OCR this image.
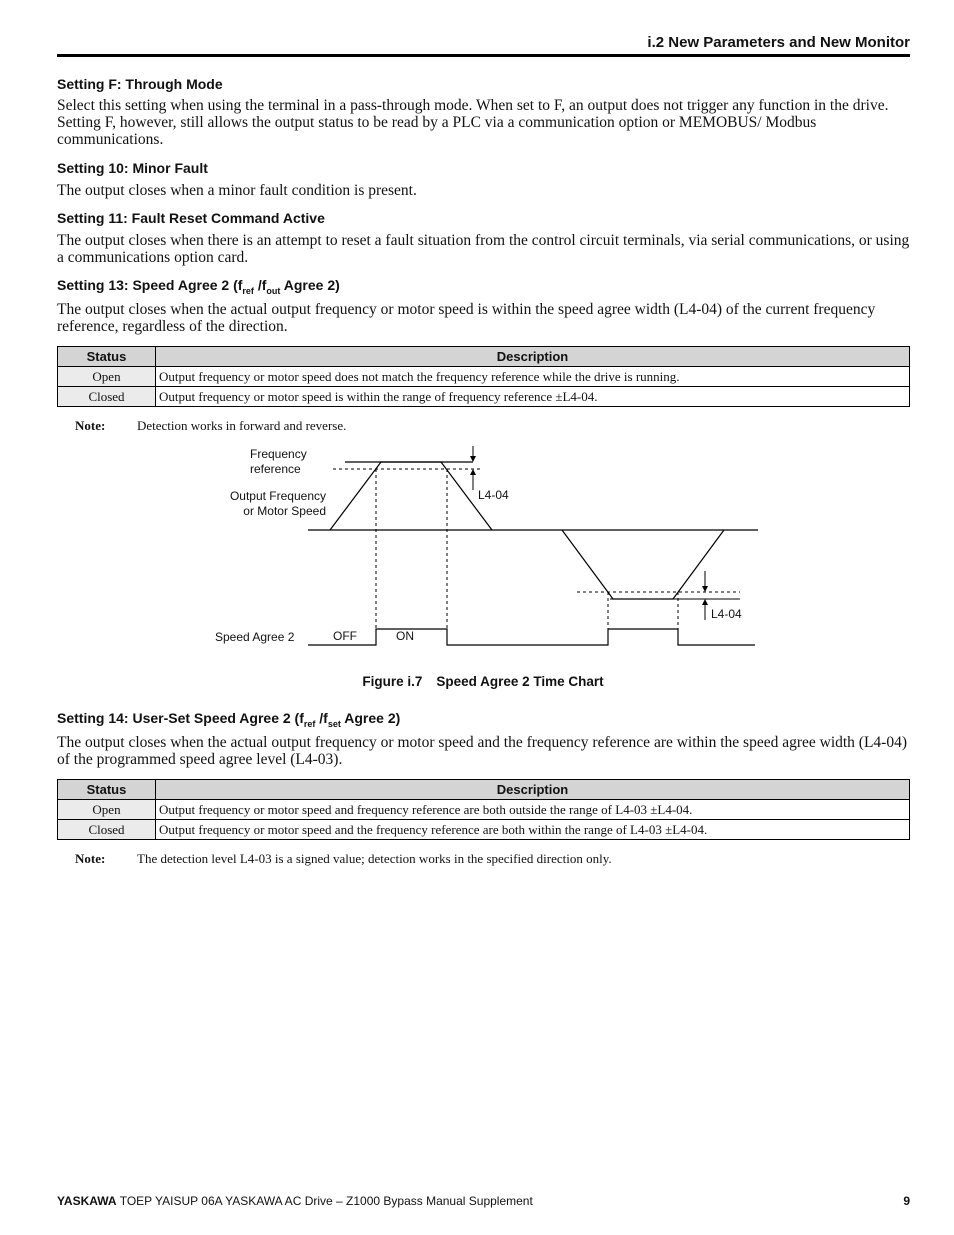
i.2 New Parameters and New Monitor
Setting F: Through Mode

Select this setting when using the terminal in a pass-through mode. When set to F, an output does not trigger any function in the drive. Setting F, however, still allows the output status to be read by a PLC via a communication option or MEMOBUS/ Modbus communications.

Setting 10: Minor Fault

The output closes when a minor fault condition is present.

Setting 11: Fault Reset Command Active

The output closes when there is an attempt to reset a fault situation from the control circuit terminals, via serial communications, or using a communications option card.

Setting 13: Speed Agree 2 ($f_{ref}$ $/f_{out}$ Agree 2)

The output closes when the actual output frequency or motor speed is within the speed agree width (L4-04) of the current frequency reference, regardless of the direction.

Status	Description
Open	Output frequency or motor speed does not match the frequency reference while the drive is running.
Closed	Output frequency or motor speed is within the range of frequency reference ±L4-04.
Note: Detection works in forward and reverse.
Frequency
reference
Output Frequency
or Motor Speed
L4-04
L4-04
Speed Agree 2	OFF	ON
Figure i.7 Speed Agree 2 Time Chart
Setting 14: User-Set Speed Agree 2 ($f_{ref}$ $/f_{set}$ Agree 2)

The output closes when the actual output frequency or motor speed and the frequency reference are within the speed agree width (L4-04) of the programmed speed agree level (L4-03).

Status	Description
Open	Output frequency or motor speed and frequency reference are both outside the range of L4-03 ±L4-04.
Closed	Output frequency or motor speed and the frequency reference are both within the range of L4-03 ±L4-04.
Note: The detection level L4-03 is a signed value; detection works in the specified direction only.
YASKAWA TOEP YAISUP 06A YASKAWA AC Drive – Z1000 Bypass Manual Supplement	9
